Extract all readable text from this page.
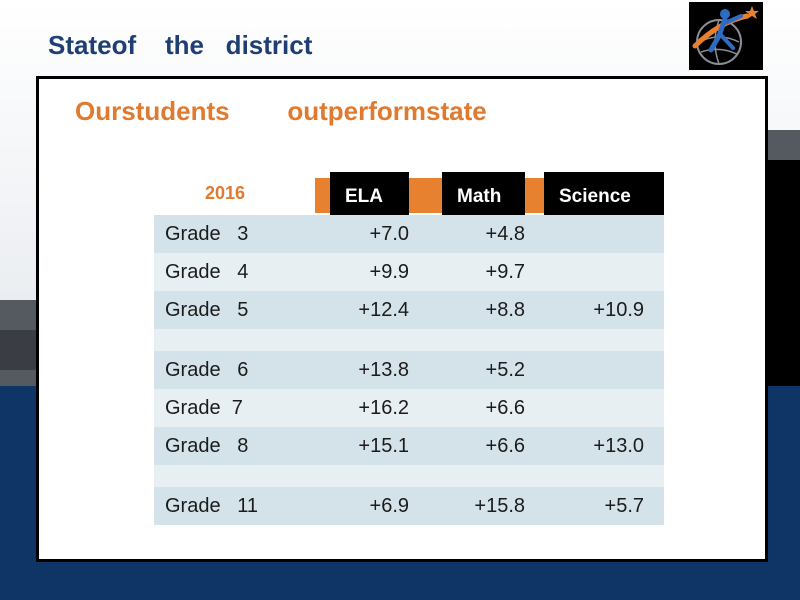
Stateof    the   district
Ourstudents        outperformstate
2016	ELA	Math	Science
Grade   3	+7.0	+4.8
Grade   4	+9.9	+9.7
Grade   5	+12.4	+8.8	+10.9
Grade   6	+13.8	+5.2
Grade  7	+16.2	+6.6
Grade   8	+15.1	+6.6	+13.0
Grade   11	+6.9	+15.8	+5.7
